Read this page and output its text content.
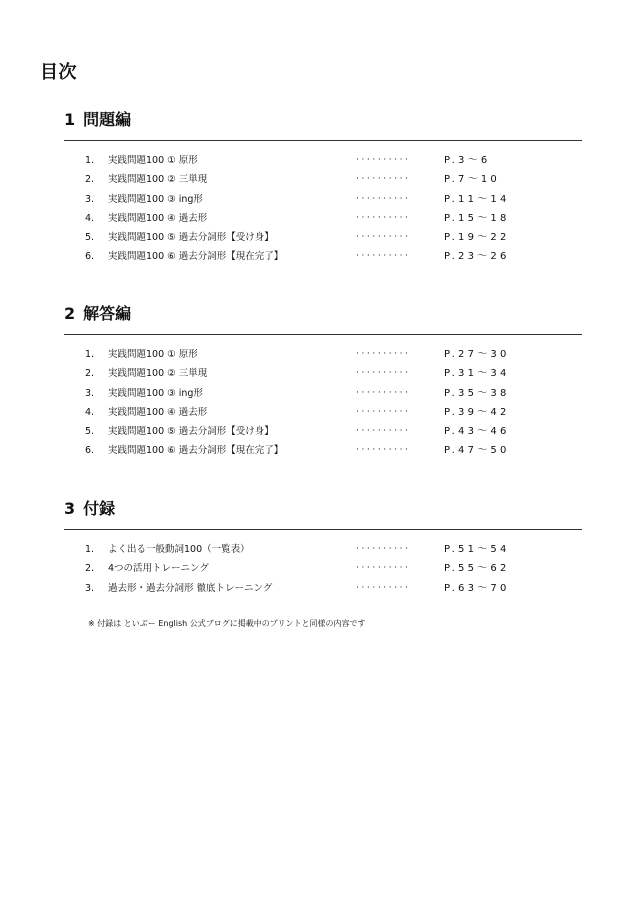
目次
1 問題編
1.	実践問題100 ① 原形	··········	P.3～6
2.	実践問題100 ② 三単現	··········	P.7～10
3.	実践問題100 ③ ing形	··········	P.11～14
4.	実践問題100 ④ 過去形	··········	P.15～18
5.	実践問題100 ⑤ 過去分詞形【受け身】	··········	P.19～22
6.	実践問題100 ⑥ 過去分詞形【現在完了】	··········	P.23～26
2 解答編
1.	実践問題100 ① 原形	··········	P.27～30
2.	実践問題100 ② 三単現	··········	P.31～34
3.	実践問題100 ③ ing形	··········	P.35～38
4.	実践問題100 ④ 過去形	··········	P.39～42
5.	実践問題100 ⑤ 過去分詞形【受け身】	··········	P.43～46
6.	実践問題100 ⑥ 過去分詞形【現在完了】	··········	P.47～50
3 付録
1.	よく出る一般動詞100（一覧表）	··········	P.51～54
2.	4つの活用トレーニング	··········	P.55～62
3.	過去形・過去分詞形 徹底トレーニング	··········	P.63～70
※ 付録は といぶー English 公式ブログに掲載中のプリントと同様の内容です
